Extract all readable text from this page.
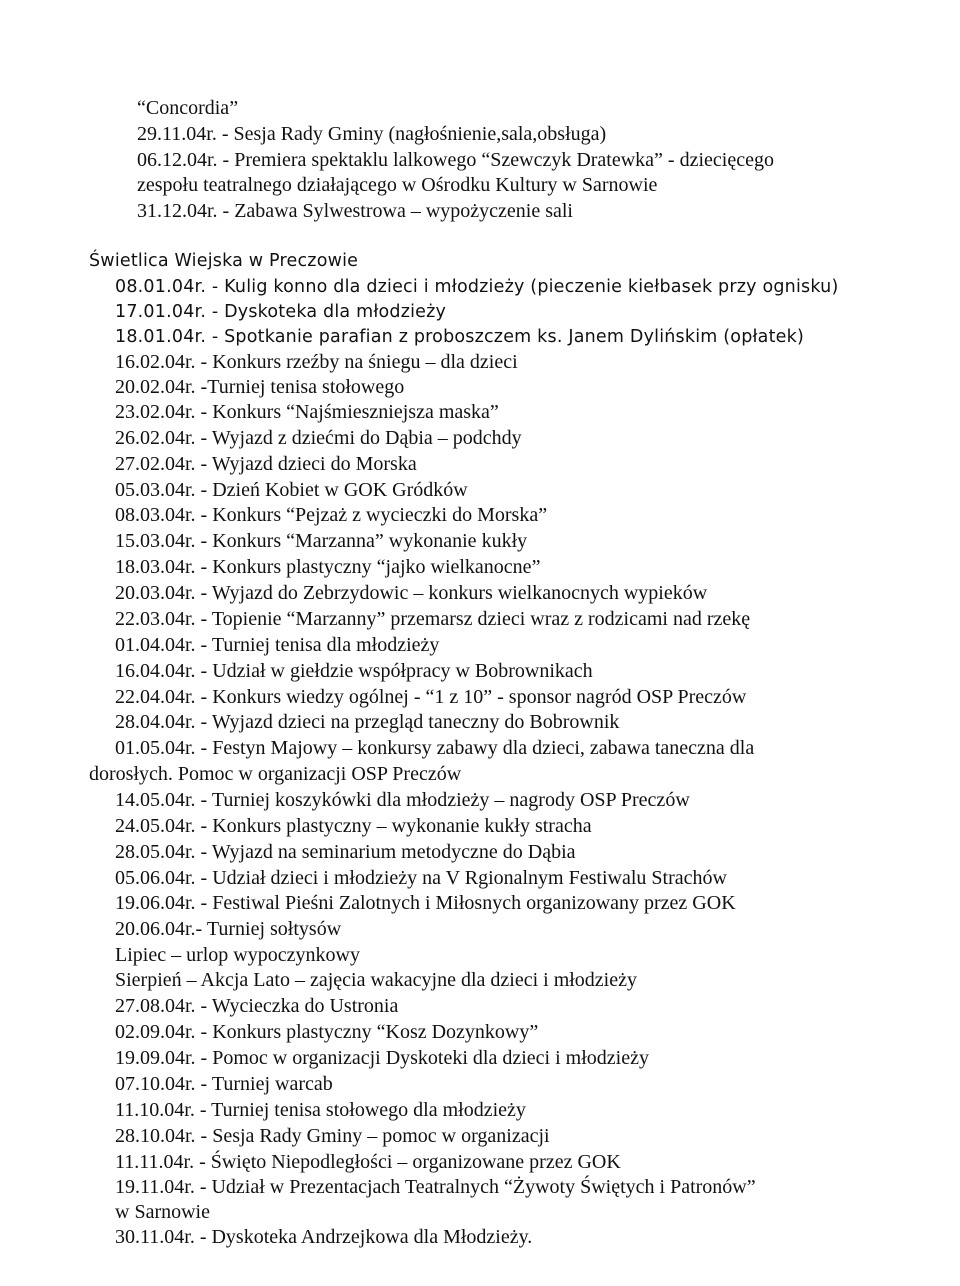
“Concordia”
29.11.04r. - Sesja Rady Gminy (nagłośnienie,sala,obsługa)
06.12.04r. - Premiera spektaklu lalkowego “Szewczyk Dratewka” - dziecięcego
zespołu teatralnego działającego w Ośrodku Kultury w Sarnowie
31.12.04r. - Zabawa Sylwestrowa – wypożyczenie sali
Świetlica Wiejska w Preczowie
08.01.04r. - Kulig konno dla dzieci i młodzieży (pieczenie kiełbasek przy ognisku)
17.01.04r. - Dyskoteka dla młodzieży
18.01.04r. - Spotkanie parafian z proboszczem ks. Janem Dylińskim (opłatek)
16.02.04r. - Konkurs rzeźby na śniegu – dla dzieci
20.02.04r. -Turniej tenisa stołowego
23.02.04r. - Konkurs “Najśmieszniejsza maska”
26.02.04r. - Wyjazd z dziećmi do Dąbia – podchdy
27.02.04r. - Wyjazd dzieci do Morska
05.03.04r. - Dzień Kobiet w GOK Gródków
08.03.04r. - Konkurs “Pejzaż z wycieczki do Morska”
15.03.04r. - Konkurs “Marzanna” wykonanie kukły
18.03.04r. - Konkurs plastyczny “jajko wielkanocne”
20.03.04r. - Wyjazd do Zebrzydowic – konkurs wielkanocnych wypieków
22.03.04r. - Topienie “Marzanny” przemarsz dzieci wraz z rodzicami nad rzekę
01.04.04r. - Turniej tenisa dla młodzieży
16.04.04r. - Udział w giełdzie współpracy w Bobrownikach
22.04.04r. - Konkurs wiedzy ogólnej - “1 z 10” - sponsor nagród OSP Preczów
28.04.04r. - Wyjazd dzieci na przegląd taneczny do Bobrownik
01.05.04r. - Festyn Majowy – konkursy zabawy dla dzieci, zabawa taneczna dla
dorosłych. Pomoc w organizacji OSP Preczów
14.05.04r. - Turniej koszykówki dla młodzieży – nagrody OSP Preczów
24.05.04r. - Konkurs plastyczny – wykonanie kukły stracha
28.05.04r. - Wyjazd na seminarium metodyczne do Dąbia
05.06.04r. - Udział dzieci i młodzieży na V Rgionalnym Festiwalu Strachów
19.06.04r. - Festiwal Pieśni Zalotnych i Miłosnych organizowany przez GOK
20.06.04r.- Turniej sołtysów
Lipiec – urlop wypoczynkowy
Sierpień – Akcja Lato – zajęcia wakacyjne dla dzieci i młodzieży
27.08.04r. - Wycieczka do Ustronia
02.09.04r. - Konkurs plastyczny “Kosz Dozynkowy”
19.09.04r. - Pomoc w organizacji Dyskoteki dla dzieci i młodzieży
07.10.04r. - Turniej warcab
11.10.04r. - Turniej tenisa stołowego dla młodzieży
28.10.04r. - Sesja Rady Gminy – pomoc w organizacji
11.11.04r. - Święto Niepodległości – organizowane przez GOK
19.11.04r. - Udział w Prezentacjach Teatralnych “Żywoty Świętych i Patronów”
w Sarnowie
30.11.04r. - Dyskoteka Andrzejkowa dla Młodzieży.
